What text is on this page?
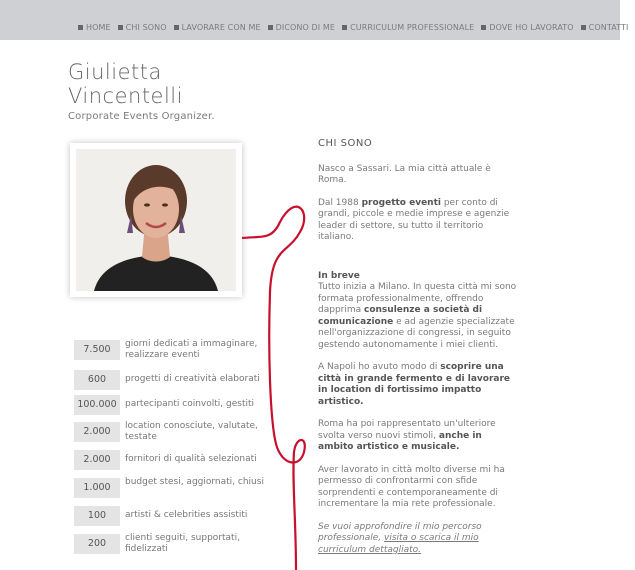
HOME CHI SONO LAVORARE CON ME DICONO DI ME CURRICULUM PROFESSIONALE DOVE HO LAVORATO CONTATTI
Giulietta
Vincentelli
Corporate Events Organizer.
7.500	giorni dedicati a immaginare, realizzare eventi
600	progetti di creatività elaborati
100.000 partecipanti coinvolti, gestiti
2.000	location conosciute, valutate, testate
2.000	fornitori di qualità selezionati
1.000	budget stesi, aggiornati, chiusi
100	artisti & celebrities assistiti
200	clienti seguiti, supportati, fidelizzati
CHI SONO

Nasco a Sassari. La mia città attuale è Roma.

Dal 1988 progetto eventi per conto di grandi, piccole e medie imprese e agenzie leader di settore, su tutto il territorio italiano.

In breve
Tutto inizia a Milano. In questa città mi sono formata professionalmente, offrendo dapprima consulenze a società di comunicazione e ad agenzie specializzate nell'organizzazione di congressi, in seguito gestendo autonomamente i miei clienti.

A Napoli ho avuto modo di scoprire una città in grande fermento e di lavorare in location di fortissimo impatto artistico.

Roma ha poi rappresentato un'ulteriore svolta verso nuovi stimoli, anche in ambito artistico e musicale.

Aver lavorato in città molto diverse mi ha permesso di confrontarmi con sfide sorprendenti e contemporaneamente di incrementare la mia rete professionale.

Se vuoi approfondire il mio percorso professionale, visita o scarica il mio curriculum dettagliato.
